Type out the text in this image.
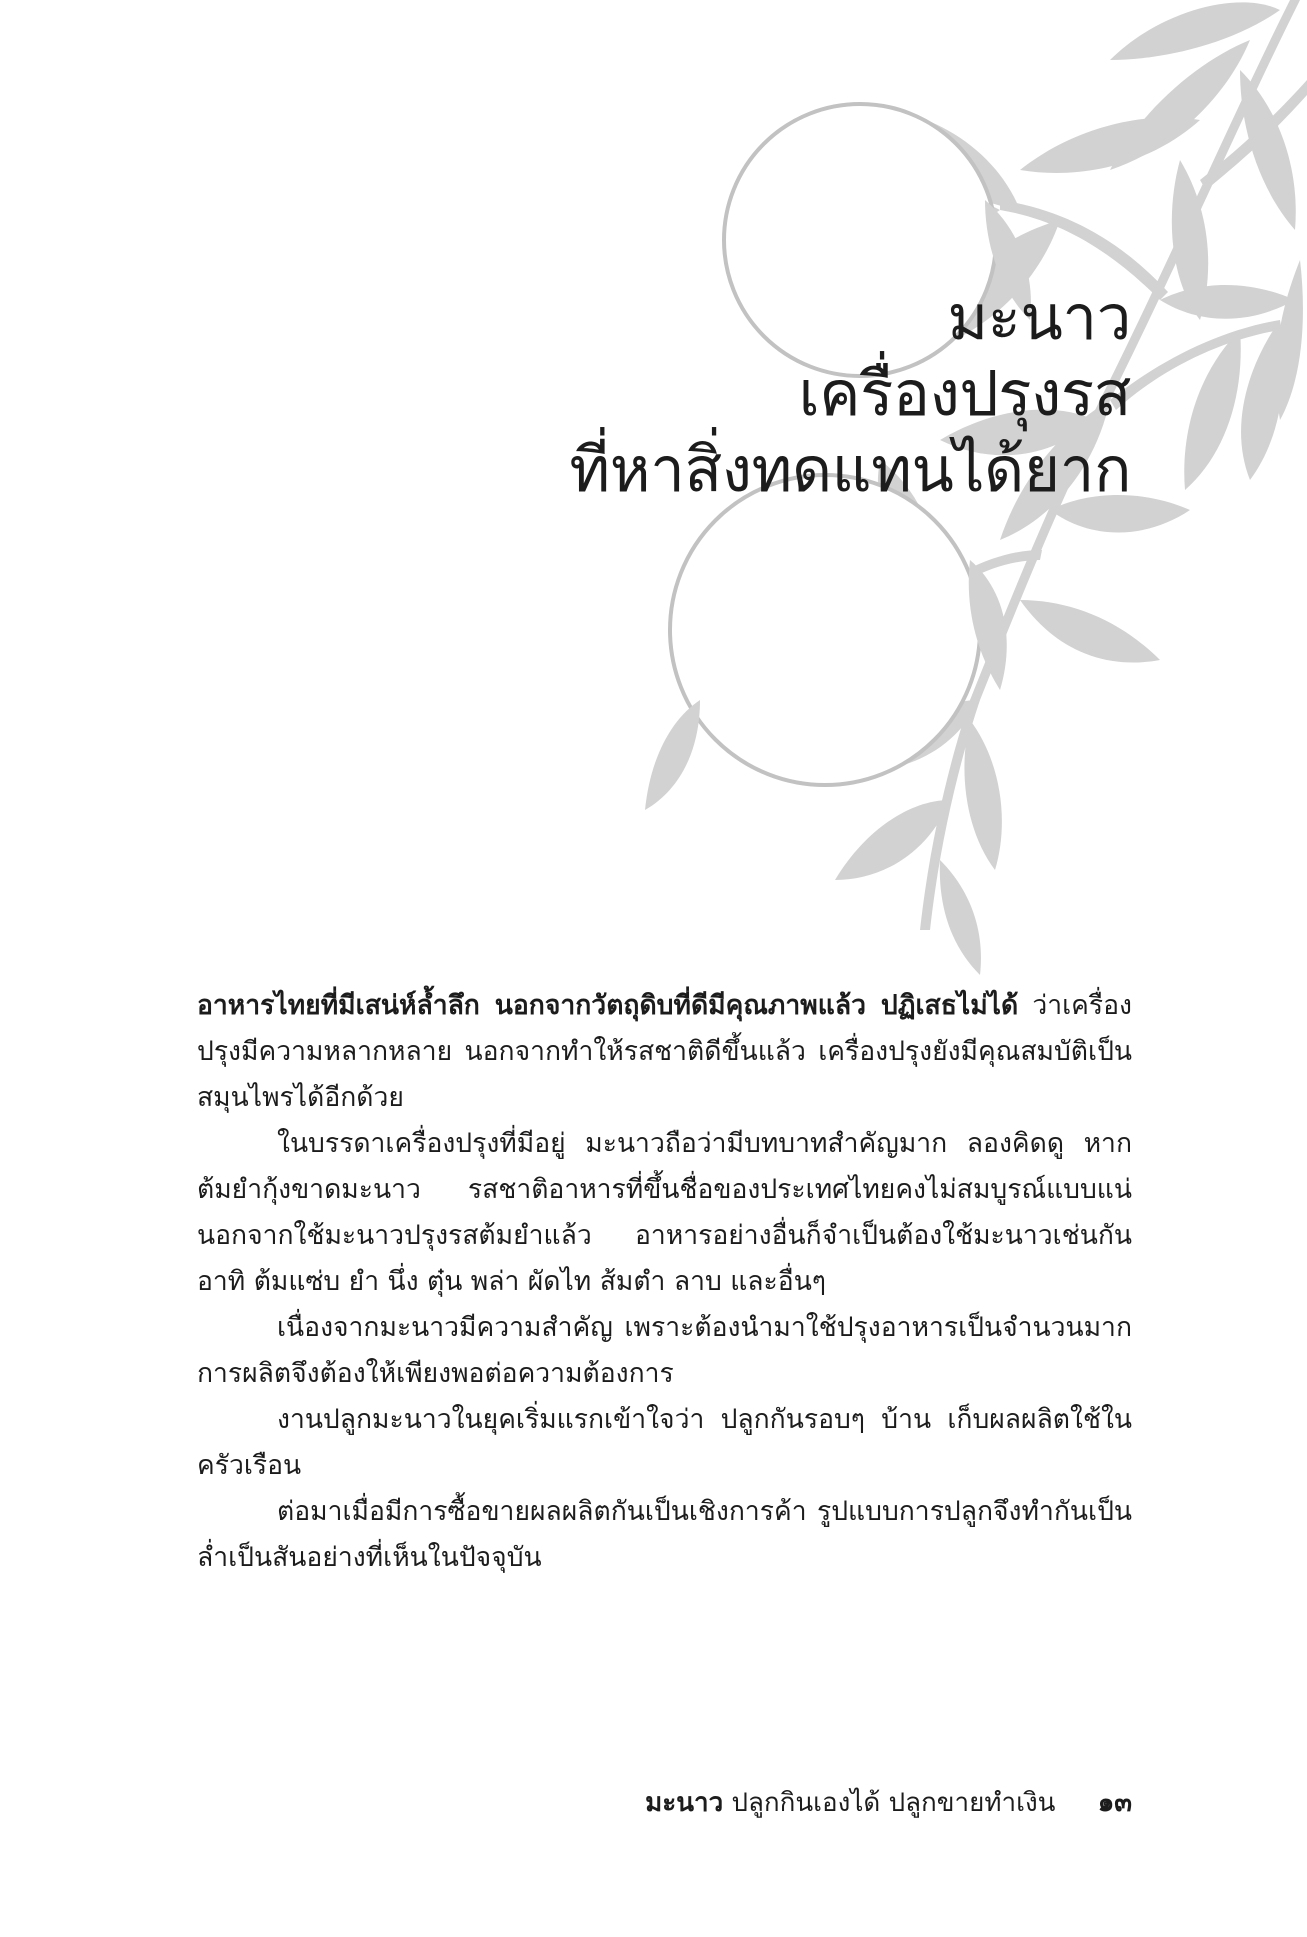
มะนาว
เครื่องปรุงรส
ที่หาสิ่งทดแทนได้ยาก

อาหารไทยที่มีเสน่ห์ล้ำลึก นอกจากวัตถุดิบที่ดีมีคุณภาพแล้ว ปฏิเสธไม่ได้ ว่าเครื่องปรุงมีความหลากหลาย นอกจากทำให้รสชาติดีขึ้นแล้ว เครื่องปรุงยังมีคุณสมบัติเป็นสมุนไพรได้อีกด้วย

ในบรรดาเครื่องปรุงที่มีอยู่ มะนาวถือว่ามีบทบาทสำคัญมาก ลองคิดดู หากต้มยำกุ้งขาดมะนาว รสชาติอาหารที่ขึ้นชื่อของประเทศไทยคงไม่สมบูรณ์แบบแน่ นอกจากใช้มะนาวปรุงรสต้มยำแล้ว อาหารอย่างอื่นก็จำเป็นต้องใช้มะนาวเช่นกัน อาทิ ต้มแซ่บ ยำ นึ่ง ตุ๋น พล่า ผัดไท ส้มตำ ลาบ และอื่นๆ

เนื่องจากมะนาวมีความสำคัญ เพราะต้องนำมาใช้ปรุงอาหารเป็นจำนวนมาก การผลิตจึงต้องให้เพียงพอต่อความต้องการ

งานปลูกมะนาวในยุคเริ่มแรกเข้าใจว่า ปลูกกันรอบๆ บ้าน เก็บผลผลิตใช้ในครัวเรือน

ต่อมาเมื่อมีการซื้อขายผลผลิตกันเป็นเชิงการค้า รูปแบบการปลูกจึงทำกันเป็นล่ำเป็นสันอย่างที่เห็นในปัจจุบัน

มะนาว ปลูกกินเองได้ ปลูกขายทำเงิน ๑๓
